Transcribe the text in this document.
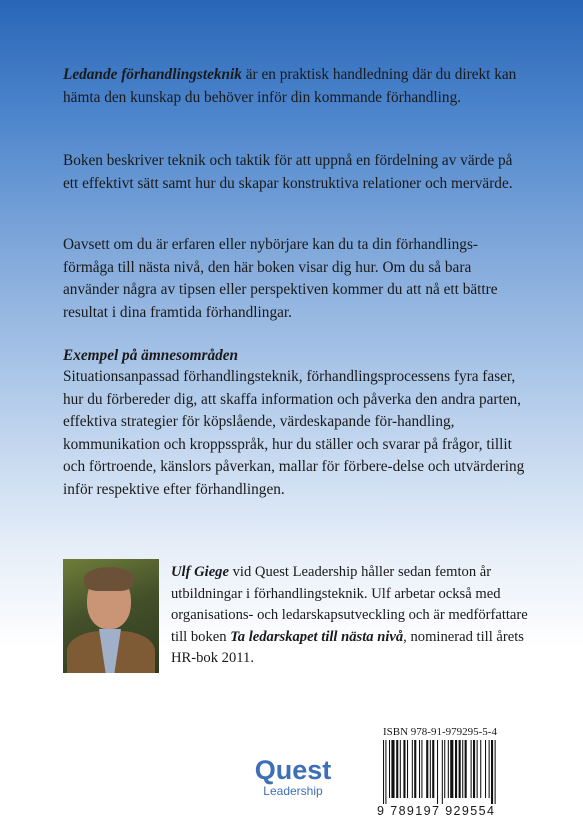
Ledande förhandlingsteknik är en praktisk handledning där du direkt kan hämta den kunskap du behöver inför din kommande förhandling.

Boken beskriver teknik och taktik för att uppnå en fördelning av värde på ett effektivt sätt samt hur du skapar konstruktiva relationer och mervärde.

Oavsett om du är erfaren eller nybörjare kan du ta din förhandlings-förmåga till nästa nivå, den här boken visar dig hur. Om du så bara använder några av tipsen eller perspektiven kommer du att nå ett bättre resultat i dina framtida förhandlingar.

Exempel på ämnesområden

Situationsanpassad förhandlingsteknik, förhandlingsprocessens fyra faser, hur du förbereder dig, att skaffa information och påverka den andra parten, effektiva strategier för köpslående, värdeskapande för-handling, kommunikation och kroppsspråk, hur du ställer och svarar på frågor, tillit och förtroende, känslors påverkan, mallar för förbere-delse och utvärdering inför respektive efter förhandlingen.

Ulf Giege vid Quest Leadership håller sedan femton år utbildningar i förhandlingsteknik. Ulf arbetar också med organisations- och ledarskapsutveckling och är medförfattare till boken Ta ledarskapet till nästa nivå, nominerad till årets HR-bok 2011.

Quest
Leadership
ISBN 978-91-979295-5-4
9 789197 929554
